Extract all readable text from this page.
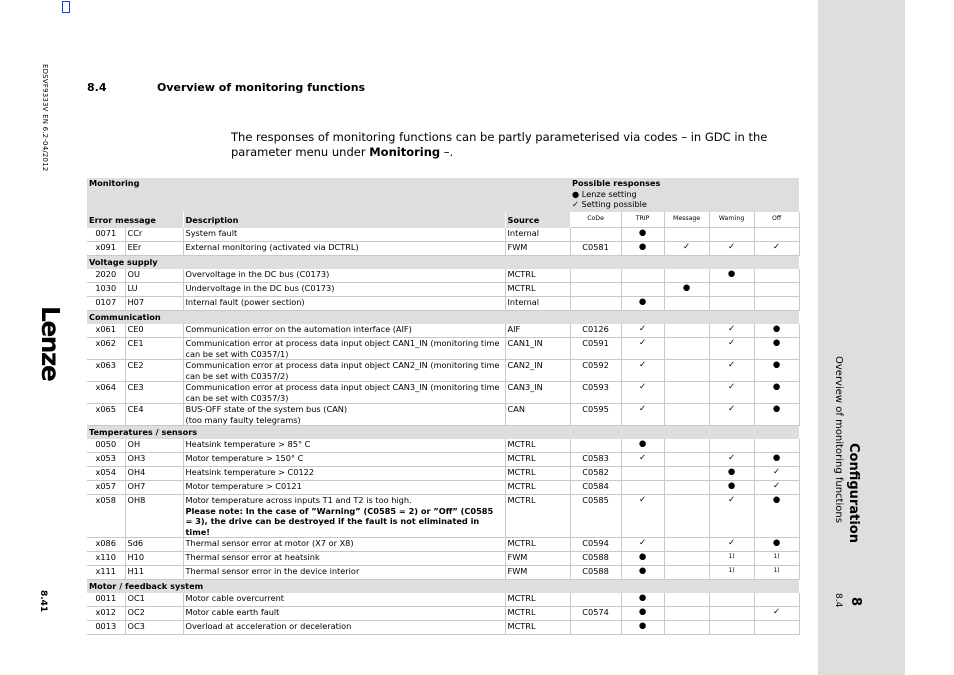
EDSVF9333V EN 6.2-04/2012
Lenze
8.41	8
Configuration
8.4
Overview of monitoring functions
8.4	Overview of monitoring functions
The responses of monitoring functions can be partly parameterised via codes – in GDC in the parameter menu under Monitoring –.
Monitoring				Possible responses
● Lenze setting
✓ Setting possible				
Error message		Description	Source	CoDe	TRIP	Message	Warning	Off
0071	CCr	System fault	Internal		●			
x091	EEr	External monitoring (activated via DCTRL)	FWM	C0581	●	✓	✓	✓
Voltage supply								
2020	OU	Overvoltage in the DC bus (C0173)	MCTRL				●	
1030	LU	Undervoltage in the DC bus (C0173)	MCTRL			●		
0107	H07	Internal fault (power section)	Internal		●			
Communication								
x061	CE0	Communication error on the automation interface (AIF)	AIF	C0126	✓		✓	●
x062	CE1	Communication error at process data input object CAN1_IN (monitoring time can be set with C0357/1)	CAN1_IN	C0591	✓		✓	●
x063	CE2	Communication error at process data input object CAN2_IN (monitoring time can be set with C0357/2)	CAN2_IN	C0592	✓		✓	●
x064	CE3	Communication error at process data input object CAN3_IN (monitoring time can be set with C0357/3)	CAN3_IN	C0593	✓		✓	●
x065	CE4	BUS-OFF state of the system bus (CAN)
(too many faulty telegrams)	CAN	C0595	✓		✓	●
Temperatures / sensors								
0050	OH	Heatsink temperature > 85° C	MCTRL		●			
x053	OH3	Motor temperature > 150° C	MCTRL	C0583	✓		✓	●
x054	OH4	Heatsink temperature > C0122	MCTRL	C0582			●	✓
x057	OH7	Motor temperature > C0121	MCTRL	C0584			●	✓
x058	OH8	Motor temperature across inputs T1 and T2 is too high.
Please note: In the case of ”Warning” (C0585 = 2) or ”Off” (C0585 = 3), the drive can be destroyed if the fault is not eliminated in time!	MCTRL	C0585	✓		✓	●
x086	Sd6	Thermal sensor error at motor (X7 or X8)	MCTRL	C0594	✓		✓	●
x110	H10	Thermal sensor error at heatsink	FWM	C0588	●		1)	1)
x111	H11	Thermal sensor error in the device interior	FWM	C0588	●		1)	1)
Motor / feedback system								
0011	OC1	Motor cable overcurrent	MCTRL		●			
x012	OC2	Motor cable earth fault	MCTRL	C0574	●			✓
0013	OC3	Overload at acceleration or deceleration	MCTRL		●			
